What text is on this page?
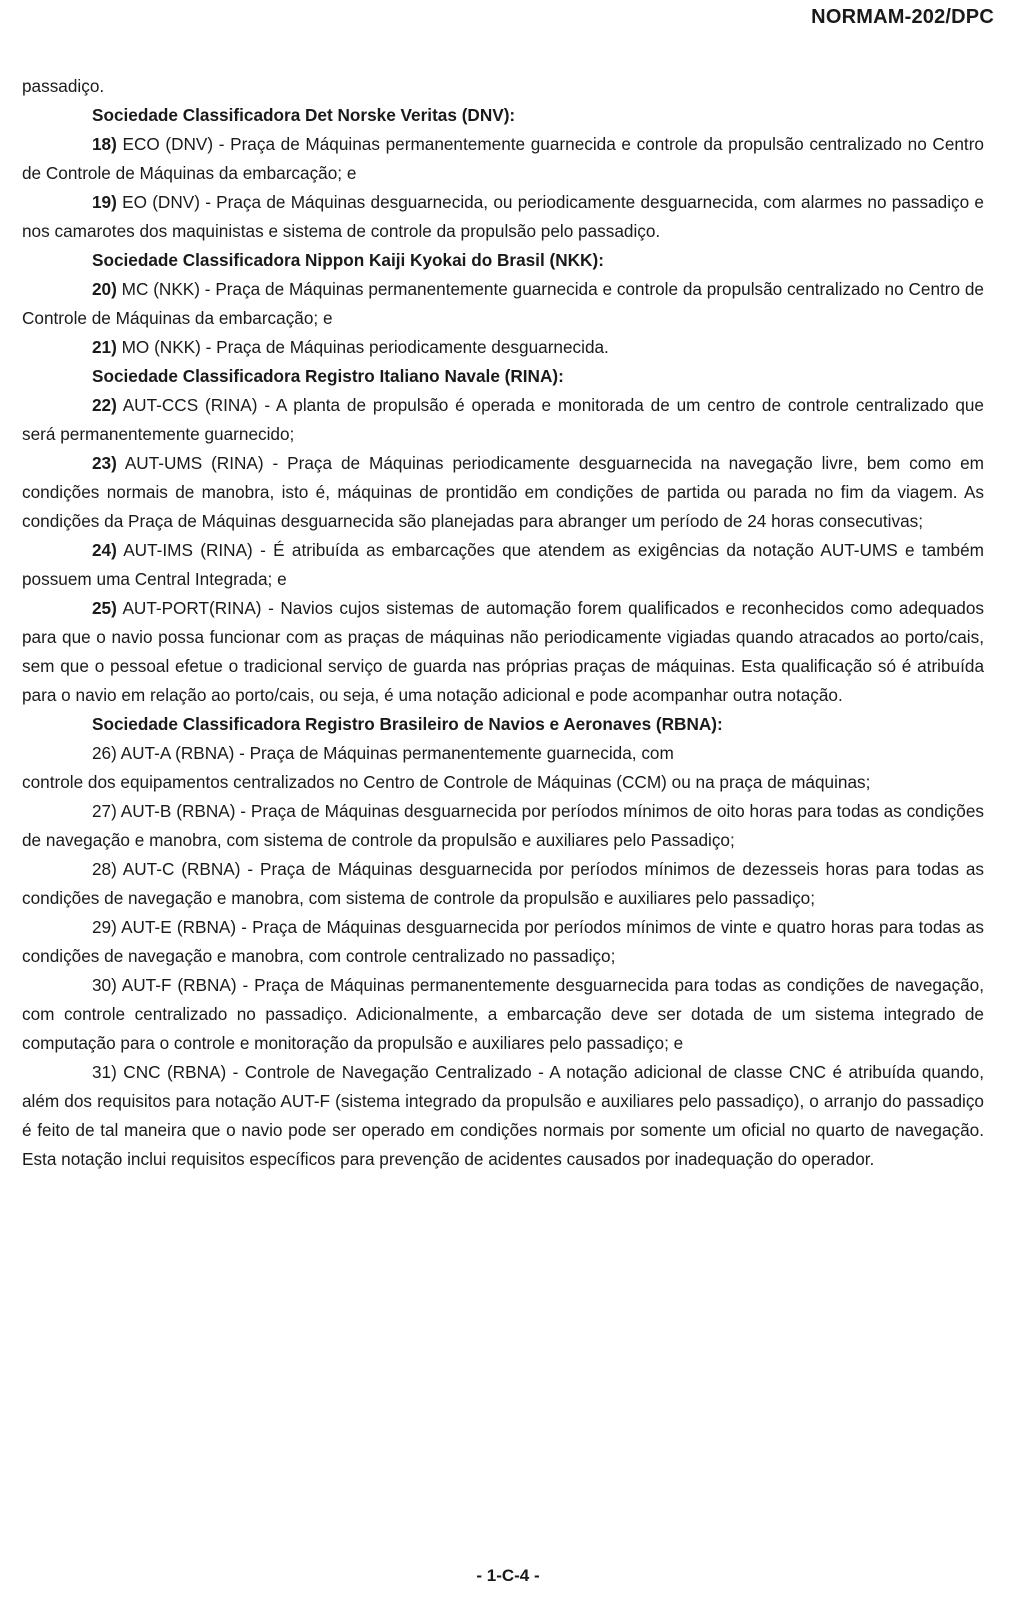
NORMAM-202/DPC

passadiço.

Sociedade Classificadora Det Norske Veritas (DNV):

18) ECO (DNV) - Praça de Máquinas permanentemente guarnecida e controle da propulsão centralizado no Centro de Controle de Máquinas da embarcação; e

19) EO (DNV) - Praça de Máquinas desguarnecida, ou periodicamente desguarnecida, com alarmes no passadiço e nos camarotes dos maquinistas e sistema de controle da propulsão pelo passadiço.

Sociedade Classificadora Nippon Kaiji Kyokai do Brasil (NKK):

20) MC (NKK) - Praça de Máquinas permanentemente guarnecida e controle da propulsão centralizado no Centro de Controle de Máquinas da embarcação; e

21) MO (NKK) - Praça de Máquinas periodicamente desguarnecida.

Sociedade Classificadora Registro Italiano Navale (RINA):

22) AUT-CCS (RINA) - A planta de propulsão é operada e monitorada de um centro de controle centralizado que será permanentemente guarnecido;

23) AUT-UMS (RINA) - Praça de Máquinas periodicamente desguarnecida na navegação livre, bem como em condições normais de manobra, isto é, máquinas de prontidão em condições de partida ou parada no fim da viagem. As condições da Praça de Máquinas desguarnecida são planejadas para abranger um período de 24 horas consecutivas;

24) AUT-IMS (RINA) - É atribuída as embarcações que atendem as exigências da notação AUT-UMS e também possuem uma Central Integrada; e

25) AUT-PORT(RINA) - Navios cujos sistemas de automação forem qualificados e reconhecidos como adequados para que o navio possa funcionar com as praças de máquinas não periodicamente vigiadas quando atracados ao porto/cais, sem que o pessoal efetue o tradicional serviço de guarda nas próprias praças de máquinas. Esta qualificação só é atribuída para o navio em relação ao porto/cais, ou seja, é uma notação adicional e pode acompanhar outra notação.

Sociedade Classificadora Registro Brasileiro de Navios e Aeronaves (RBNA):

26) AUT-A (RBNA) - Praça de Máquinas permanentemente guarnecida, com

controle dos equipamentos centralizados no Centro de Controle de Máquinas (CCM) ou na praça de máquinas;

27) AUT-B (RBNA) - Praça de Máquinas desguarnecida por períodos mínimos de oito horas para todas as condições de navegação e manobra, com sistema de controle da propulsão e auxiliares pelo Passadiço;

28) AUT-C (RBNA) - Praça de Máquinas desguarnecida por períodos mínimos de dezesseis horas para todas as condições de navegação e manobra, com sistema de controle da propulsão e auxiliares pelo passadiço;

29) AUT-E (RBNA) - Praça de Máquinas desguarnecida por períodos mínimos de vinte e quatro horas para todas as condições de navegação e manobra, com controle centralizado no passadiço;

30) AUT-F (RBNA) - Praça de Máquinas permanentemente desguarnecida para todas as condições de navegação, com controle centralizado no passadiço. Adicionalmente, a embarcação deve ser dotada de um sistema integrado de computação para o controle e monitoração da propulsão e auxiliares pelo passadiço; e

31) CNC (RBNA) - Controle de Navegação Centralizado - A notação adicional de classe CNC é atribuída quando, além dos requisitos para notação AUT-F (sistema integrado da propulsão e auxiliares pelo passadiço), o arranjo do passadiço é feito de tal maneira que o navio pode ser operado em condições normais por somente um oficial no quarto de navegação. Esta notação inclui requisitos específicos para prevenção de acidentes causados por inadequação do operador.

- 1-C-4 -
